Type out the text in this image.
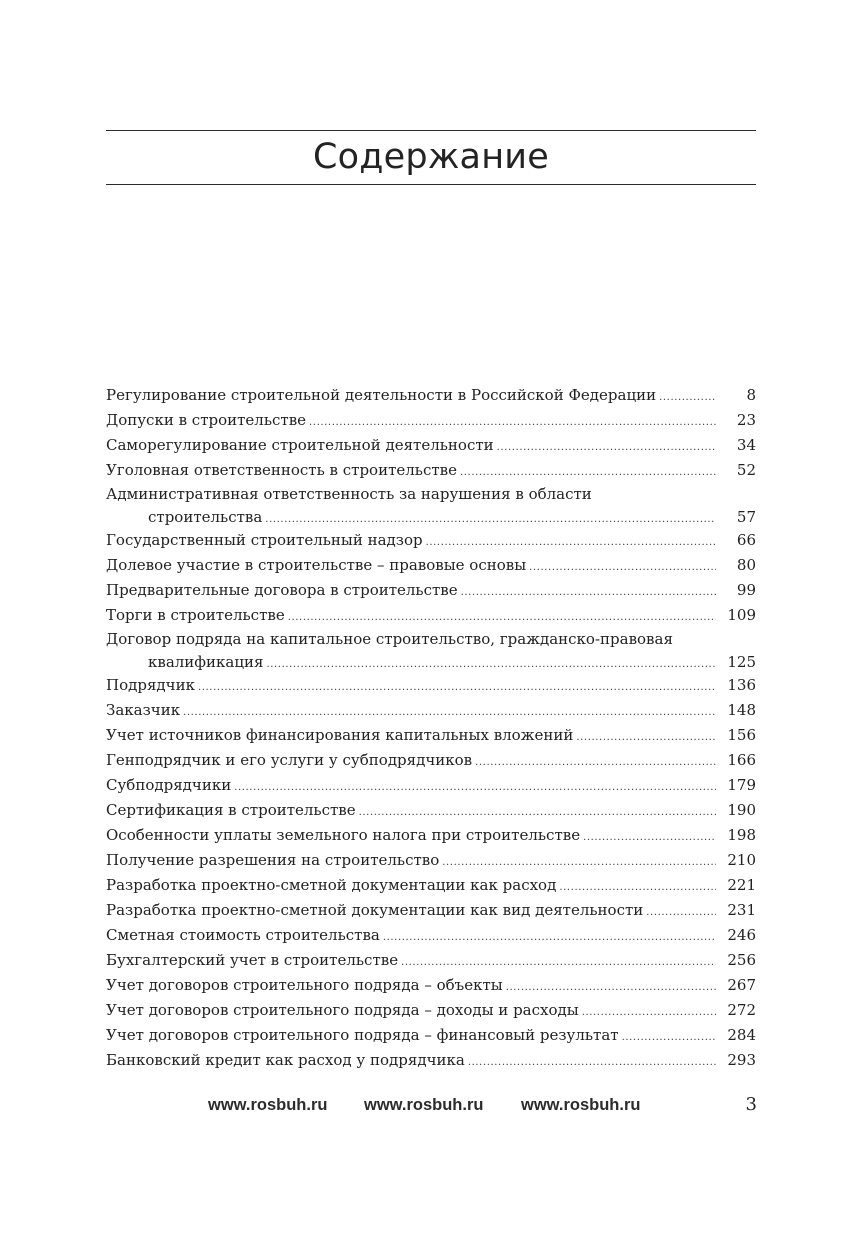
Содержание
Регулирование строительной деятельности в Российской Федерации .....	8
Допуски в строительстве .....	23
Саморегулирование строительной деятельности .....	34
Уголовная ответственность в строительстве .....	52
Административная ответственность за нарушения в области
строительства .....	57
Государственный строительный надзор .....	66
Долевое участие в строительстве – правовые основы .....	80
Предварительные договора в строительстве .....	99
Торги в строительстве .....	109
Договор подряда на капитальное строительство, гражданско-правовая
квалификация .....	125
Подрядчик .....	136
Заказчик .....	148
Учет источников финансирования капитальных вложений .....	156
Генподрядчик и его услуги у субподрядчиков .....	166
Субподрядчики .....	179
Сертификация в строительстве .....	190
Особенности уплаты земельного налога при строительстве .....	198
Получение разрешения на строительство .....	210
Разработка проектно-сметной документации как расход .....	221
Разработка проектно-сметной документации как вид деятельности .....	231
Сметная стоимость строительства .....	246
Бухгалтерский учет в строительстве .....	256
Учет договоров строительного подряда – объекты .....	267
Учет договоров строительного подряда – доходы и расходы .....	272
Учет договоров строительного подряда – финансовый результат .....	284
Банковский кредит как расход у подрядчика .....	293
www.rosbuh.ru www.rosbuh.ru www.rosbuh.ru	3
